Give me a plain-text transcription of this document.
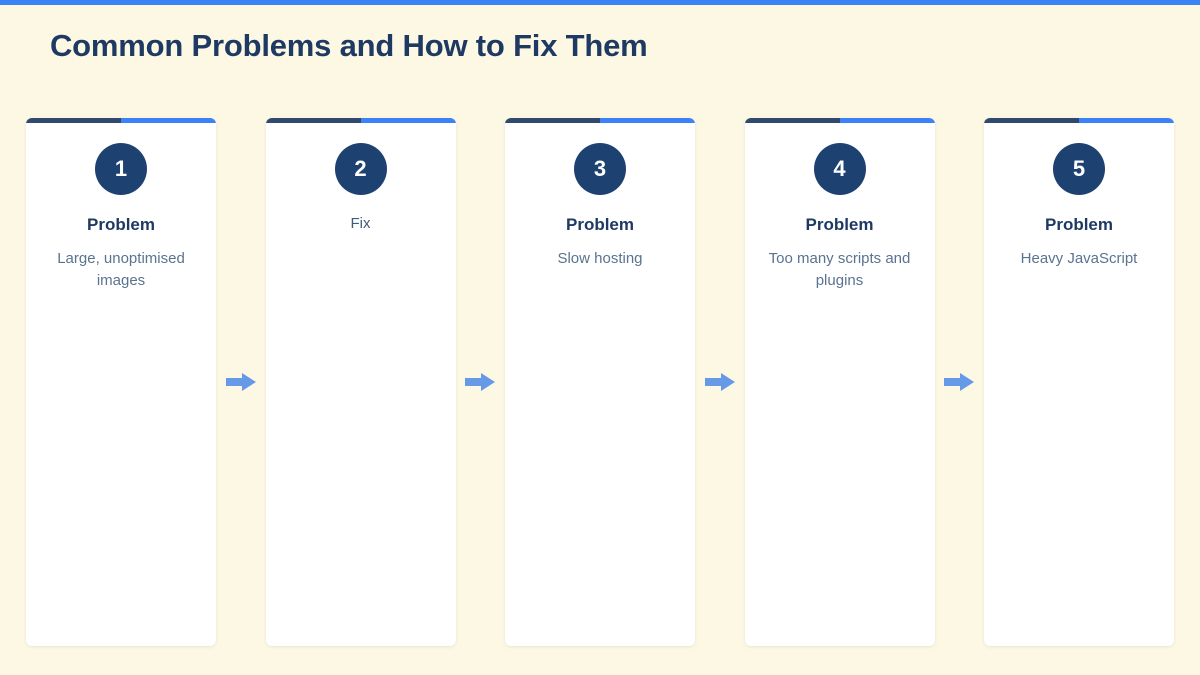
Common Problems and How to Fix Them
1
Problem
Large, unoptimised images
2
Fix
3
Problem
Slow hosting
4
Problem
Too many scripts and plugins
5
Problem
Heavy JavaScript
